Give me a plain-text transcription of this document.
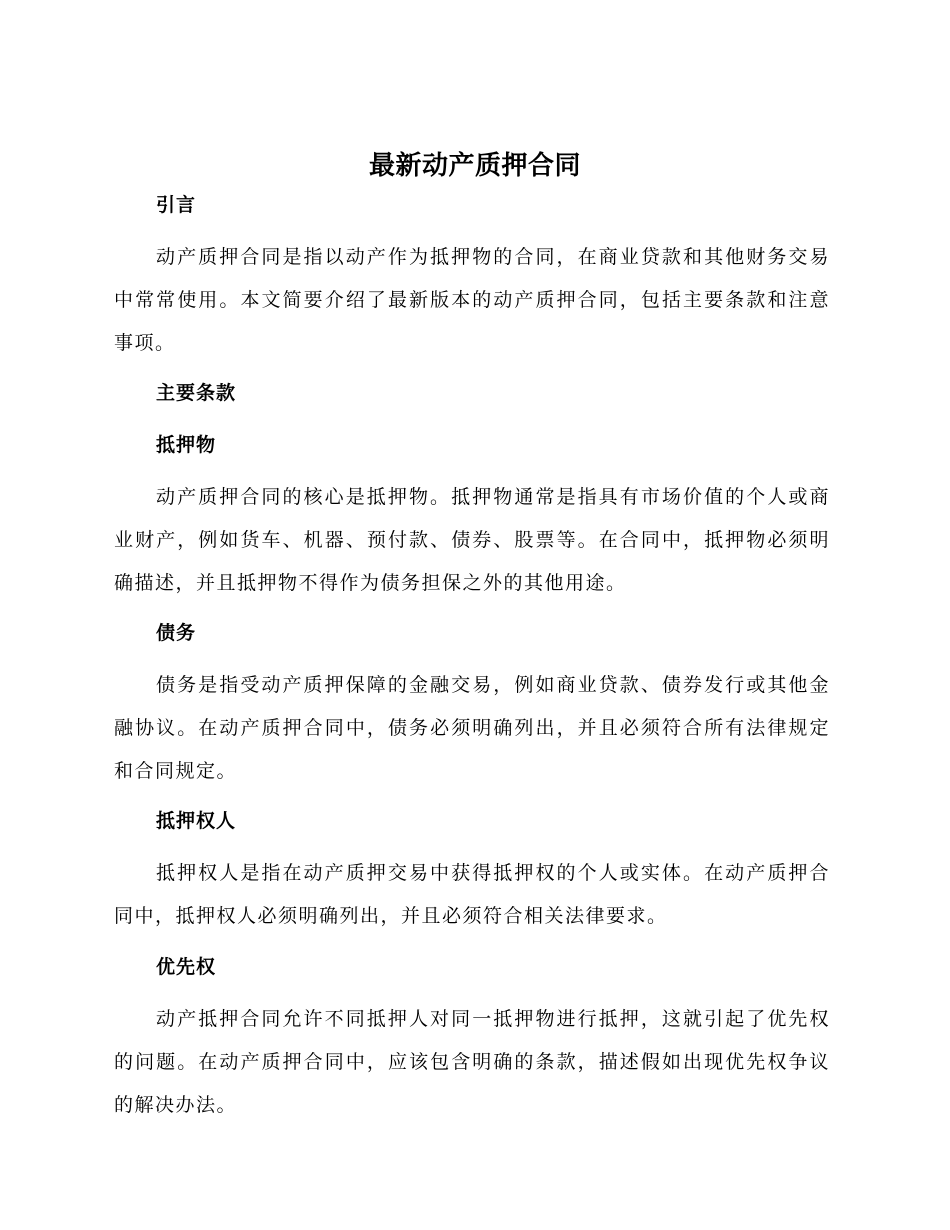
最新动产质押合同
引言

动产质押合同是指以动产作为抵押物的合同，在商业贷款和其他财务交易中常常使用。本文简要介绍了最新版本的动产质押合同，包括主要条款和注意事项。

主要条款
抵押物

动产质押合同的核心是抵押物。抵押物通常是指具有市场价值的个人或商业财产，例如货车、机器、预付款、债券、股票等。在合同中，抵押物必须明确描述，并且抵押物不得作为债务担保之外的其他用途。

债务

债务是指受动产质押保障的金融交易，例如商业贷款、债券发行或其他金融协议。在动产质押合同中，债务必须明确列出，并且必须符合所有法律规定和合同规定。

抵押权人

抵押权人是指在动产质押交易中获得抵押权的个人或实体。在动产质押合同中，抵押权人必须明确列出，并且必须符合相关法律要求。

优先权

动产抵押合同允许不同抵押人对同一抵押物进行抵押，这就引起了优先权的问题。在动产质押合同中，应该包含明确的条款，描述假如出现优先权争议的解决办法。
